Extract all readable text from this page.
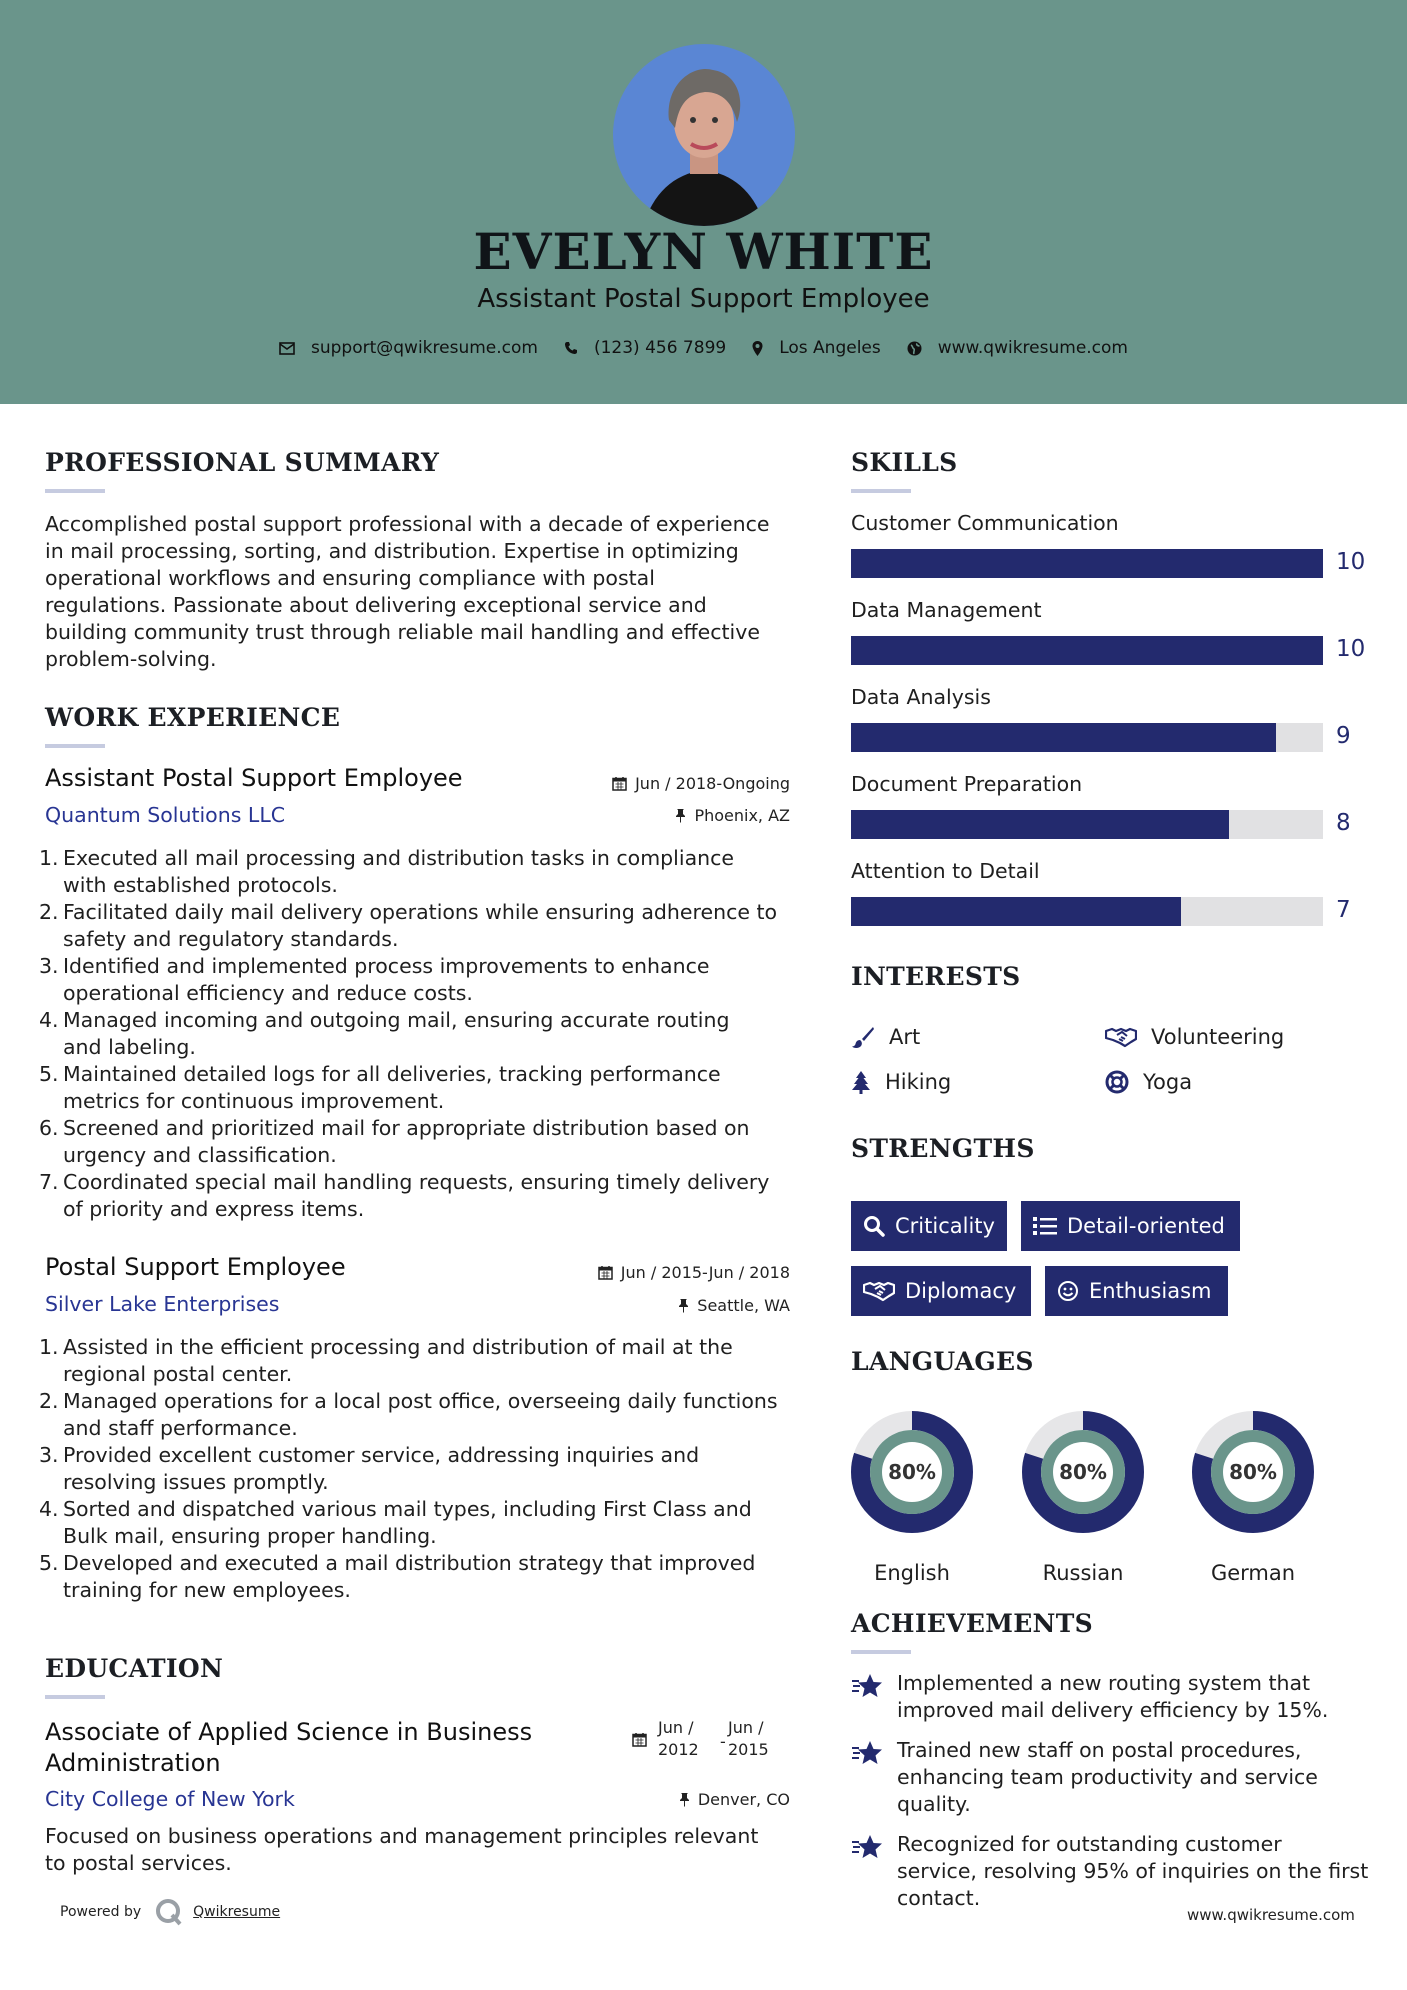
EVELYN WHITE
Assistant Postal Support Employee
support@qwikresume.com	(123) 456 7899	Los Angeles	www.qwikresume.com
PROFESSIONAL SUMMARY
Accomplished postal support professional with a decade of experience
in mail processing, sorting, and distribution. Expertise in optimizing
operational workflows and ensuring compliance with postal
regulations. Passionate about delivering exceptional service and
building community trust through reliable mail handling and effective
problem-solving.
WORK EXPERIENCE
Assistant Postal Support Employee	Jun / 2018-Ongoing
Quantum Solutions LLC	Phoenix, AZ
1. Executed all mail processing and distribution tasks in compliance
with established protocols.
2. Facilitated daily mail delivery operations while ensuring adherence to
safety and regulatory standards.
3. Identified and implemented process improvements to enhance
operational efficiency and reduce costs.
4. Managed incoming and outgoing mail, ensuring accurate routing
and labeling.
5. Maintained detailed logs for all deliveries, tracking performance
metrics for continuous improvement.
6. Screened and prioritized mail for appropriate distribution based on
urgency and classification.
7. Coordinated special mail handling requests, ensuring timely delivery
of priority and express items.
Postal Support Employee	Jun / 2015-Jun / 2018
Silver Lake Enterprises	Seattle, WA
1. Assisted in the efficient processing and distribution of mail at the
regional postal center.
2. Managed operations for a local post office, overseeing daily functions
and staff performance.
3. Provided excellent customer service, addressing inquiries and
resolving issues promptly.
4. Sorted and dispatched various mail types, including First Class and
Bulk mail, ensuring proper handling.
5. Developed and executed a mail distribution strategy that improved
training for new employees.
EDUCATION
Associate of Applied Science in Business
Administration
Jun /
2012 -
Jun /
2015
City College of New York	Denver, CO
Focused on business operations and management principles relevant
to postal services.
SKILLS
Customer Communication
10
Data Management
10
Data Analysis
9
Document Preparation
8
Attention to Detail
7
INTERESTS
Art	Volunteering
Hiking	Yoga
STRENGTHS
Criticality	Detail-oriented
Diplomacy	Enthusiasm
LANGUAGES
80%
English
80%
Russian
80%
German
ACHIEVEMENTS
Implemented a new routing system that
improved mail delivery efficiency by 15%.
Trained new staff on postal procedures,
enhancing team productivity and service
quality.
Recognized for outstanding customer
service, resolving 95% of inquiries on the first
contact.
Powered by	Qwikresume	www.qwikresume.com
